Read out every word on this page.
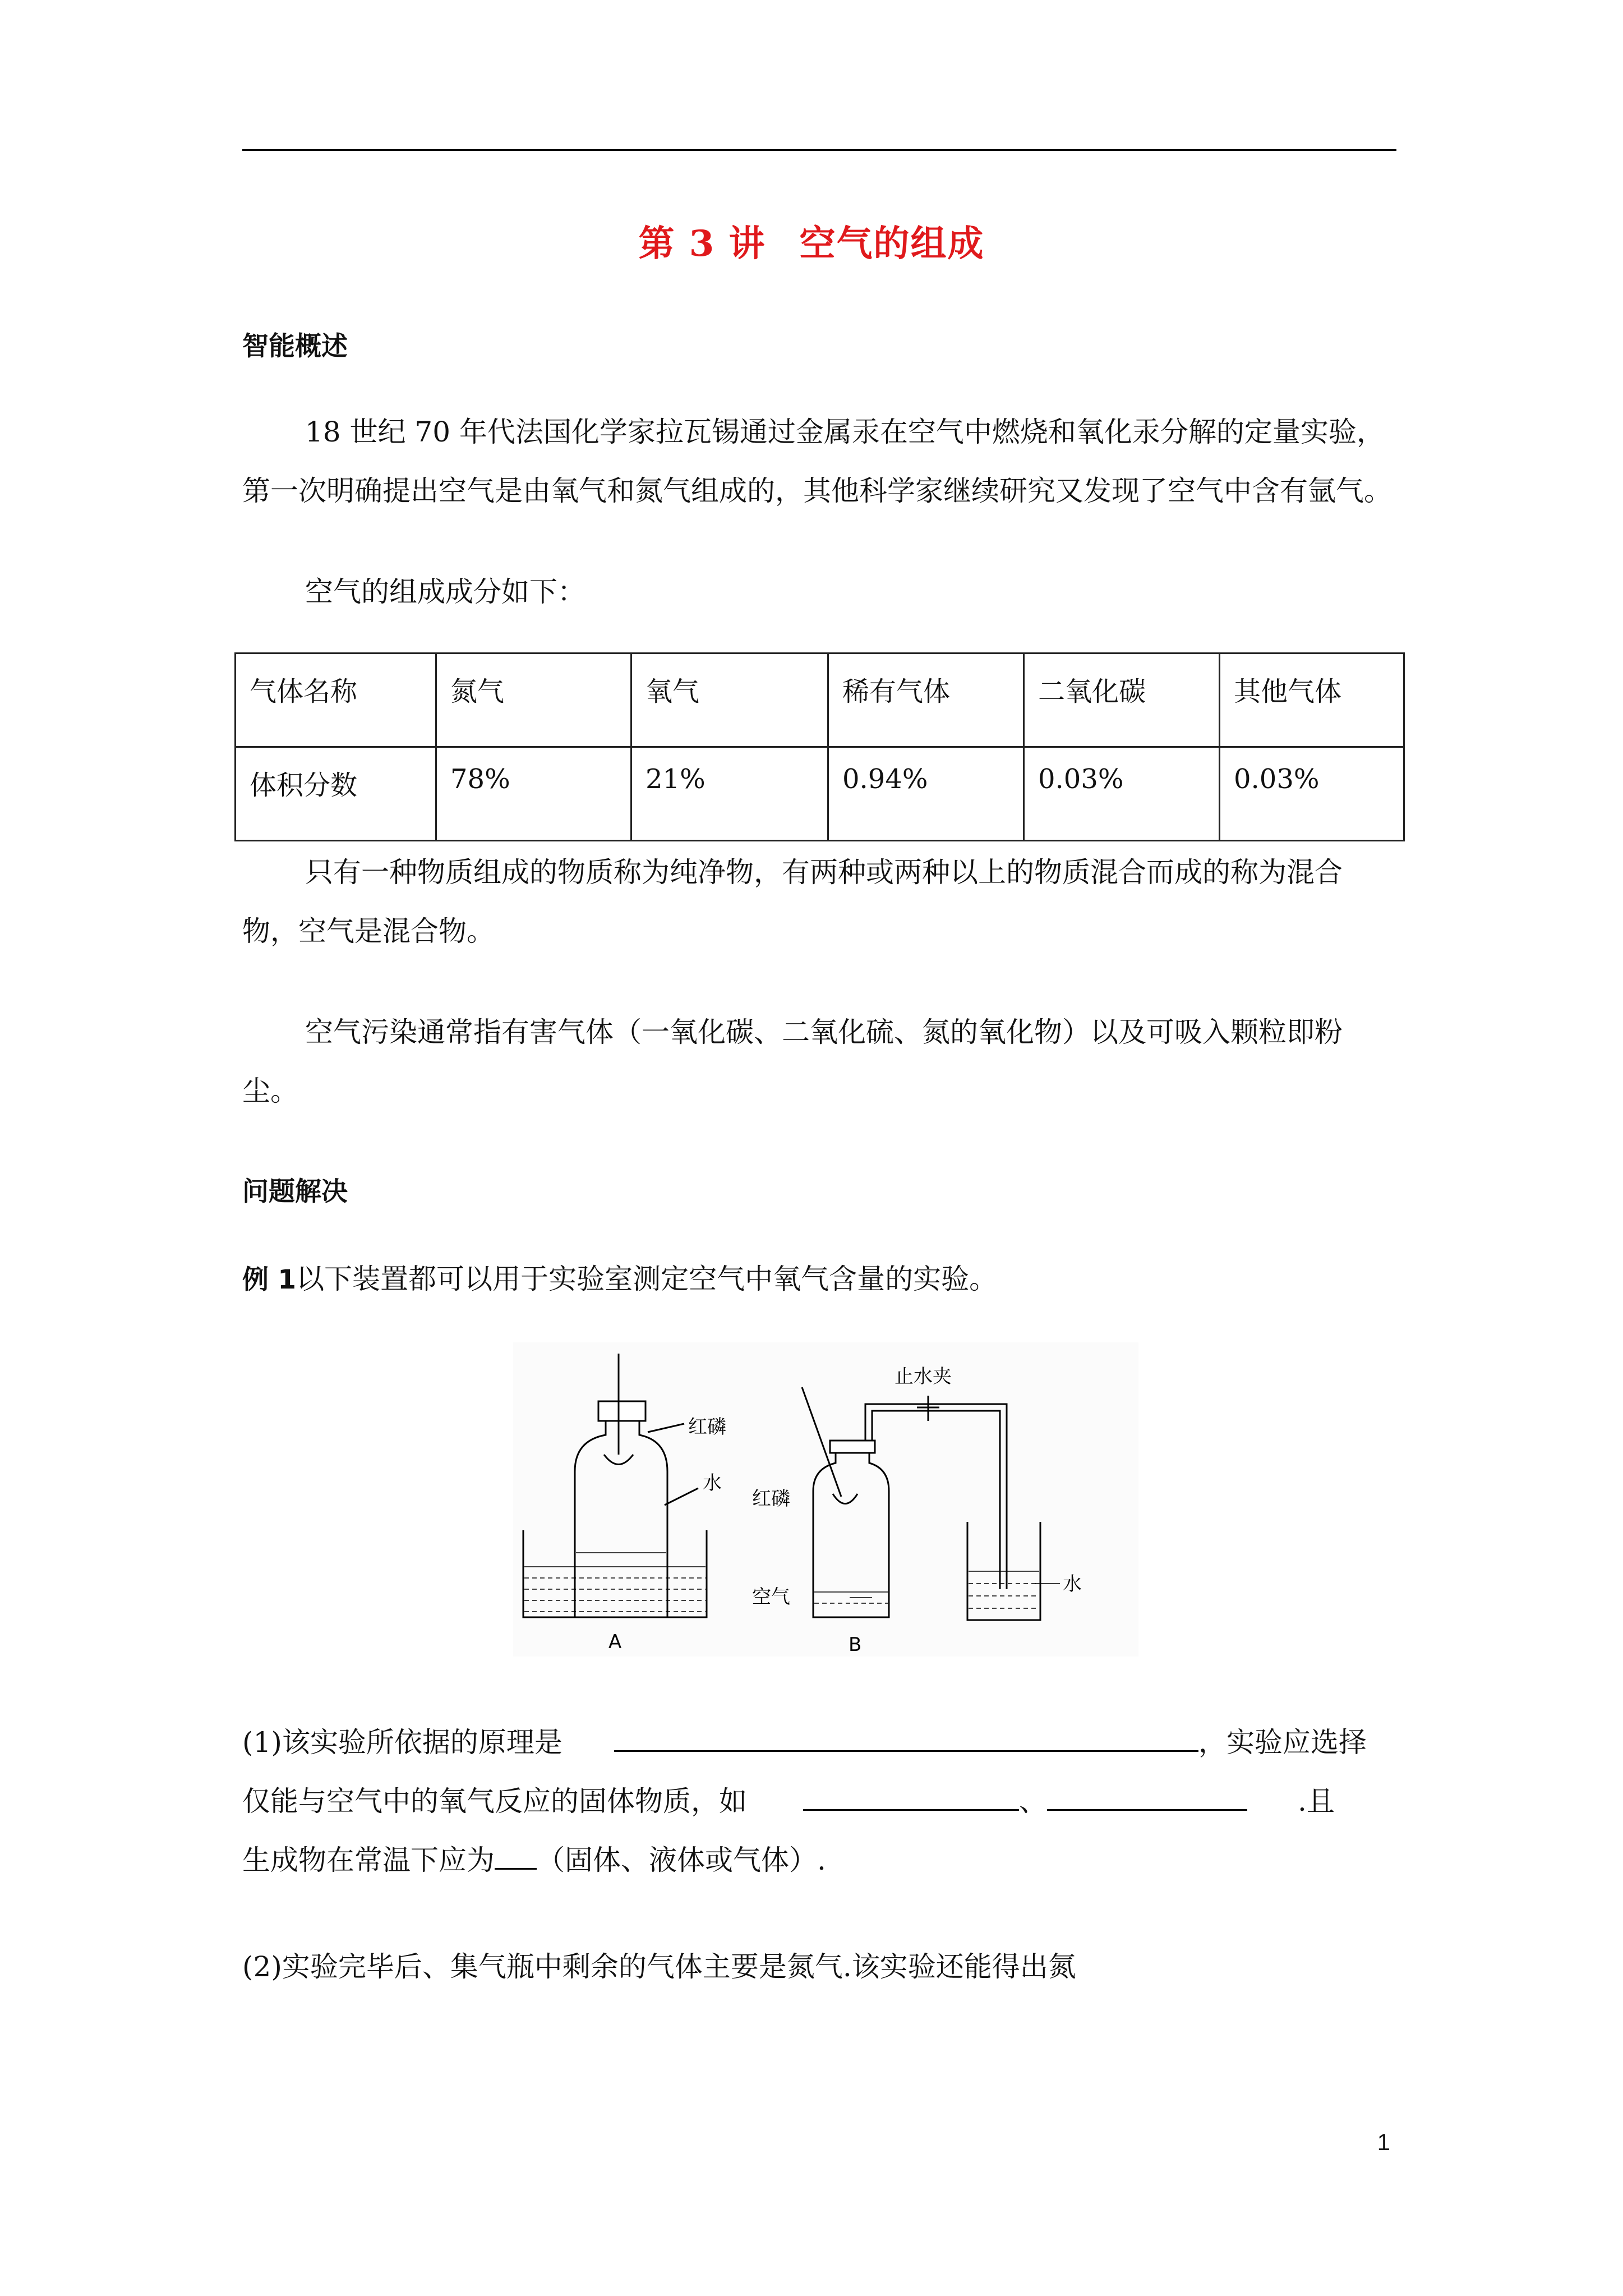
第 3 讲 空气的组成
智能概述
18 世纪 70 年代法国化学家拉瓦锡通过金属汞在空气中燃烧和氧化汞分解的定量实验，
第一次明确提出空气是由氧气和氮气组成的，其他科学家继续研究又发现了空气中含有氩气。
空气的组成成分如下：
气体名称	氮气	氧气	稀有气体	二氧化碳	其他气体
体积分数	78%	21%	0.94%	0.03%	0.03%
只有一种物质组成的物质称为纯净物，有两种或两种以上的物质混合而成的称为混合
物，空气是混合物。
空气污染通常指有害气体（一氧化碳、二氧化硫、氮的氧化物）以及可吸入颗粒即粉
尘。
问题解决
例 1以下装置都可以用于实验室测定空气中氧气含量的实验。
红磷
水
A
止水夹
红磷
空气
水
B
(1)该实验所依据的原理是	，实验应选择
仅能与空气中的氧气反应的固体物质，如	、	.且
生成物在常温下应为 （固体、液体或气体）.
(2)实验完毕后、集气瓶中剩余的气体主要是氮气.该实验还能得出氮
1
